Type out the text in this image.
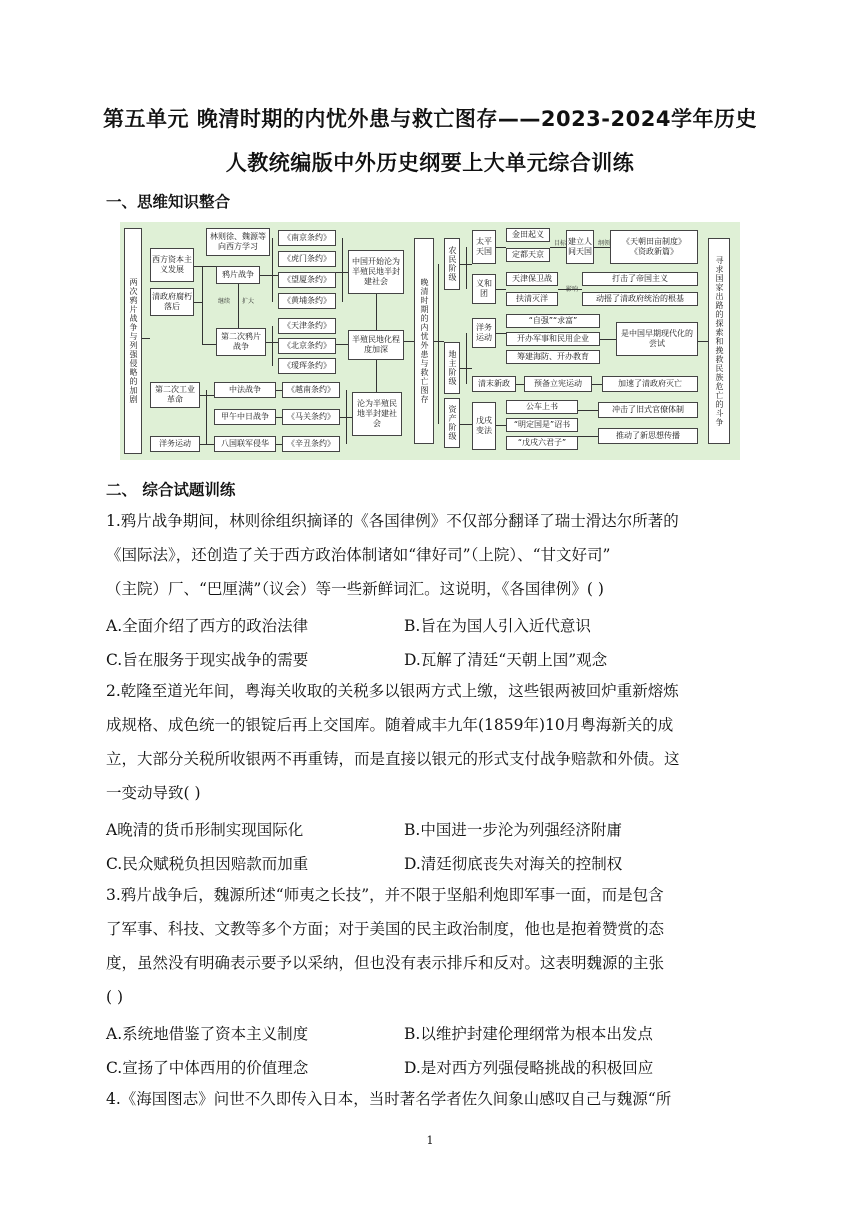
第五单元 晚清时期的内忧外患与救亡图存——2023-2024学年历史
人教统编版中外历史纲要上大单元综合训练
一、思维知识整合
两次鸦片战争与列强侵略的加剧
西方资本主义发展
清政府腐朽落后
林则徐、魏源等向西方学习
鸦片战争
继续 扩大
第二次鸦片战争
《南京条约》
《虎门条约》
《望厦条约》
《黄埔条约》
《天津条约》
《北京条约》
《瑷珲条约》
中国开始沦为半殖民地半封建社会
半殖民地化程度加深
第二次工业革命
洋务运动
中法战争
甲午中日战争
八国联军侵华
《越南条约》
《马关条约》
《辛丑条约》
沦为半殖民地半封建社会
晚清时期的内忧外患与救亡图存
农民阶级
地主阶级
资产阶级
太平天国
义和团
洋务运动
清末新政
戊戌变法
金田起义
定都天京
目标 建立人间天国
纲领 《天朝田亩制度》
《资政新篇》
天津保卫战
扶清灭洋
打击了帝国主义
动摇了清政府统治的根基
“自强”“求富”
开办军事和民用企业
筹建海防、开办教育
是中国早期现代化的尝试
预备立宪运动	加速了清政府灭亡
公车上书
“明定国是”诏书
“戊戌六君子”
冲击了旧式官僚体制
推动了新思想传播
寻求国家出路的探索和挽救民族危亡的斗争
二、 综合试题训练
1.鸦片战争期间，林则徐组织摘译的《各国律例》不仅部分翻译了瑞士滑达尔所著的
《国际法》，还创造了关于西方政治体制诸如“律好司”（上院）、“甘文好司”
（主院）厂、“巴厘满”（议会）等一些新鲜词汇。这说明，《各国律例》( )
A.全面介绍了西方的政治法律	B.旨在为国人引入近代意识
C.旨在服务于现实战争的需要	D.瓦解了清廷“天朝上国”观念
2.乾隆至道光年间，粤海关收取的关税多以银两方式上缴，这些银两被回炉重新熔炼
成规格、成色统一的银锭后再上交国库。随着咸丰九年(1859年)10月粤海新关的成
立，大部分关税所收银两不再重铸，而是直接以银元的形式支付战争赔款和外债。这
一变动导致( )
A晚清的货币形制实现国际化	B.中国进一步沦为列强经济附庸
C.民众赋税负担因赔款而加重	D.清廷彻底丧失对海关的控制权
3.鸦片战争后，魏源所述“师夷之长技”，并不限于坚船利炮即军事一面，而是包含
了军事、科技、文教等多个方面；对于美国的民主政治制度，他也是抱着赞赏的态
度，虽然没有明确表示要予以采纳，但也没有表示排斥和反对。这表明魏源的主张
( )
A.系统地借鉴了资本主义制度	B.以维护封建伦理纲常为根本出发点
C.宣扬了中体西用的价值理念	D.是对西方列强侵略挑战的积极回应
4.《海国图志》问世不久即传入日本，当时著名学者佐久间象山感叹自己与魏源“所
1
